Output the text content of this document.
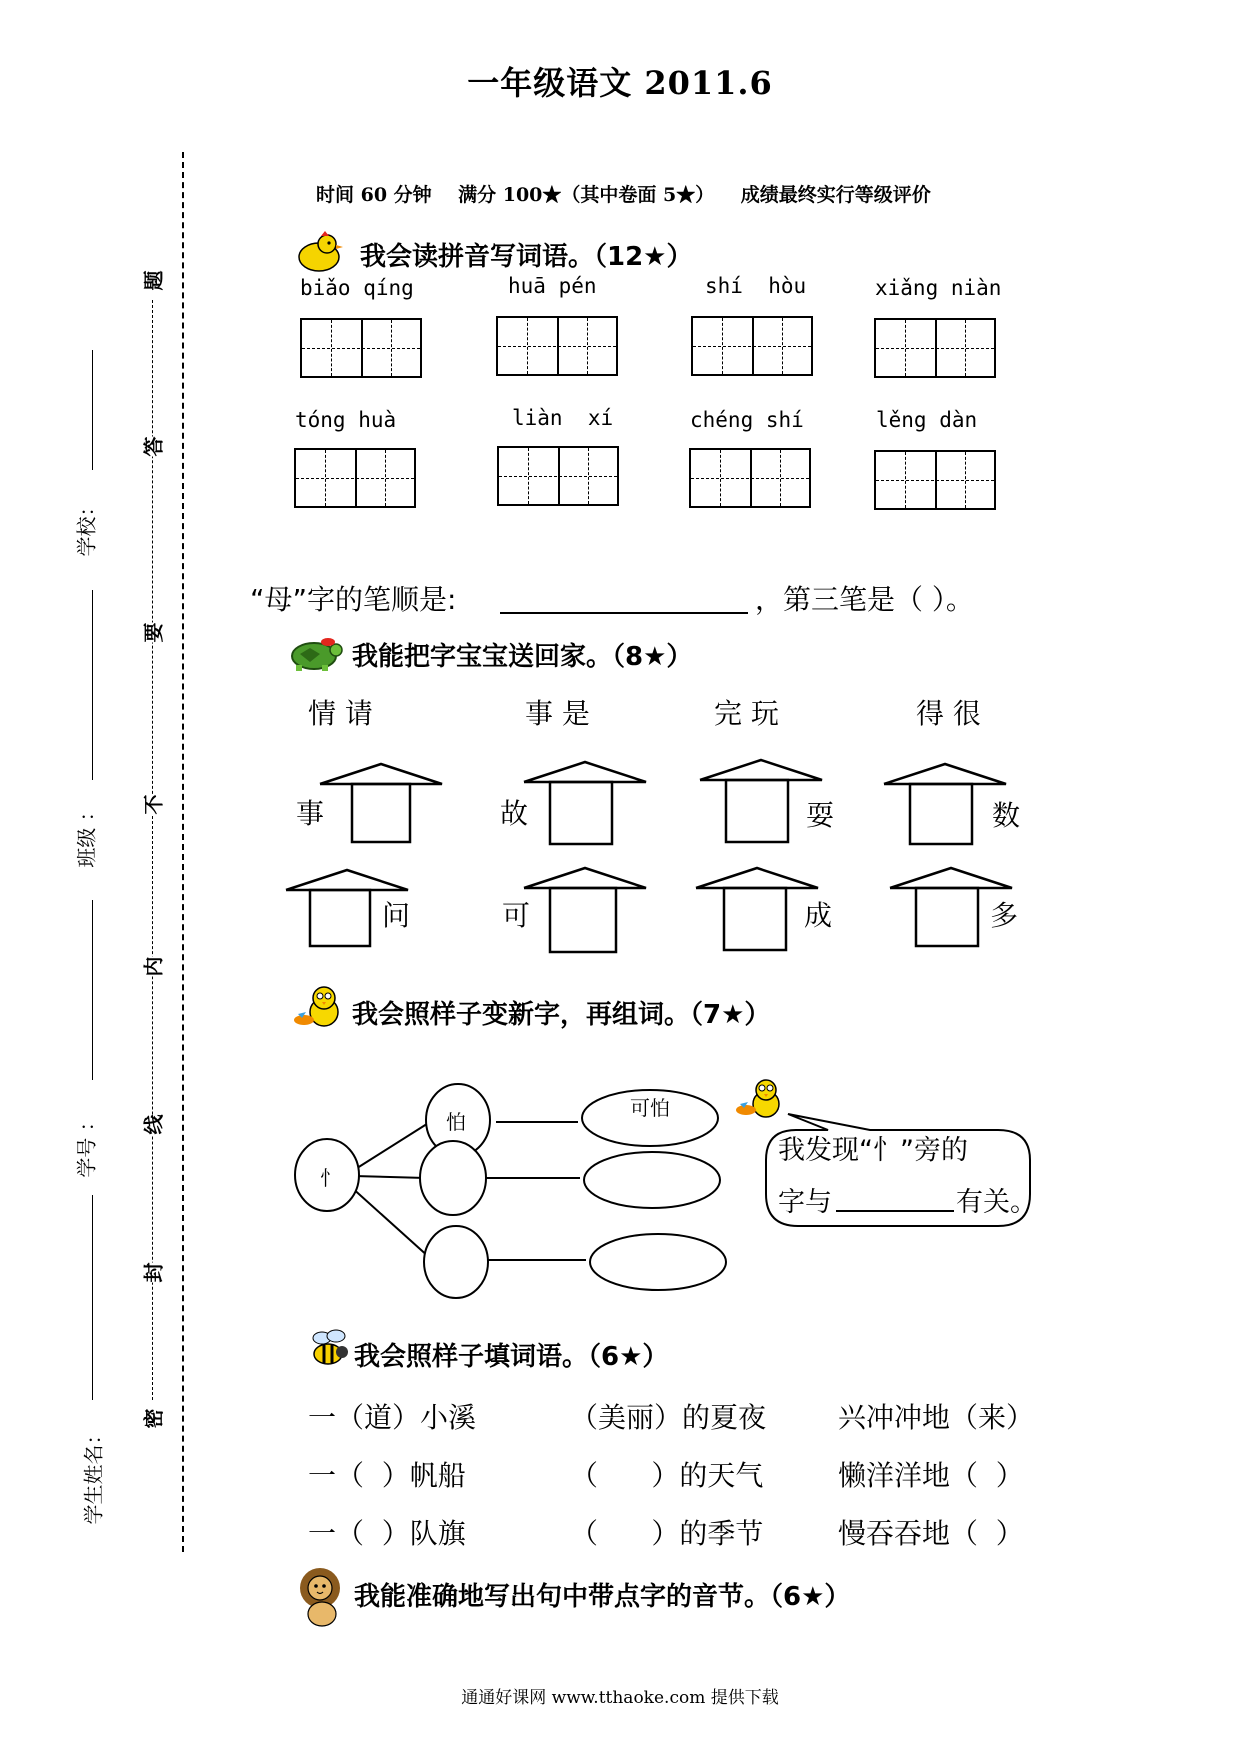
一年级语文 2011.6
时间 60 分钟    满分 100★（其中卷面 5★）    成绩最终实行等级评价
学校：
班级 ：
学号 ：
学生姓名：
题
答
要
不
内
线
封
密
我会读拼音写词语。（12★）
biǎo qíng	huā pén	shí  hòu	xiǎng niàn
tóng huà	liàn  xí	chéng shí	lěng dàn
“母”字的笔顺是:	，第三笔是（ ）。
我能把字宝宝送回家。（8★）
情 请	事 是	完 玩	得 很
事	故	耍	数
问	可	成	多
我会照样子变新字，再组词。（7★）
忄
怕
可怕
我发现“忄”旁的
字与	有关。
我会照样子填词语。（6★）
一（道）小溪	（美丽）的夏夜	兴冲冲地（来）
一（  ）帆船	（      ）的天气	懒洋洋地（  ）
一（  ）队旗	（      ）的季节	慢吞吞地（  ）
我能准确地写出句中带点字的音节。（6★）
通通好课网 www.tthaoke.com 提供下载
